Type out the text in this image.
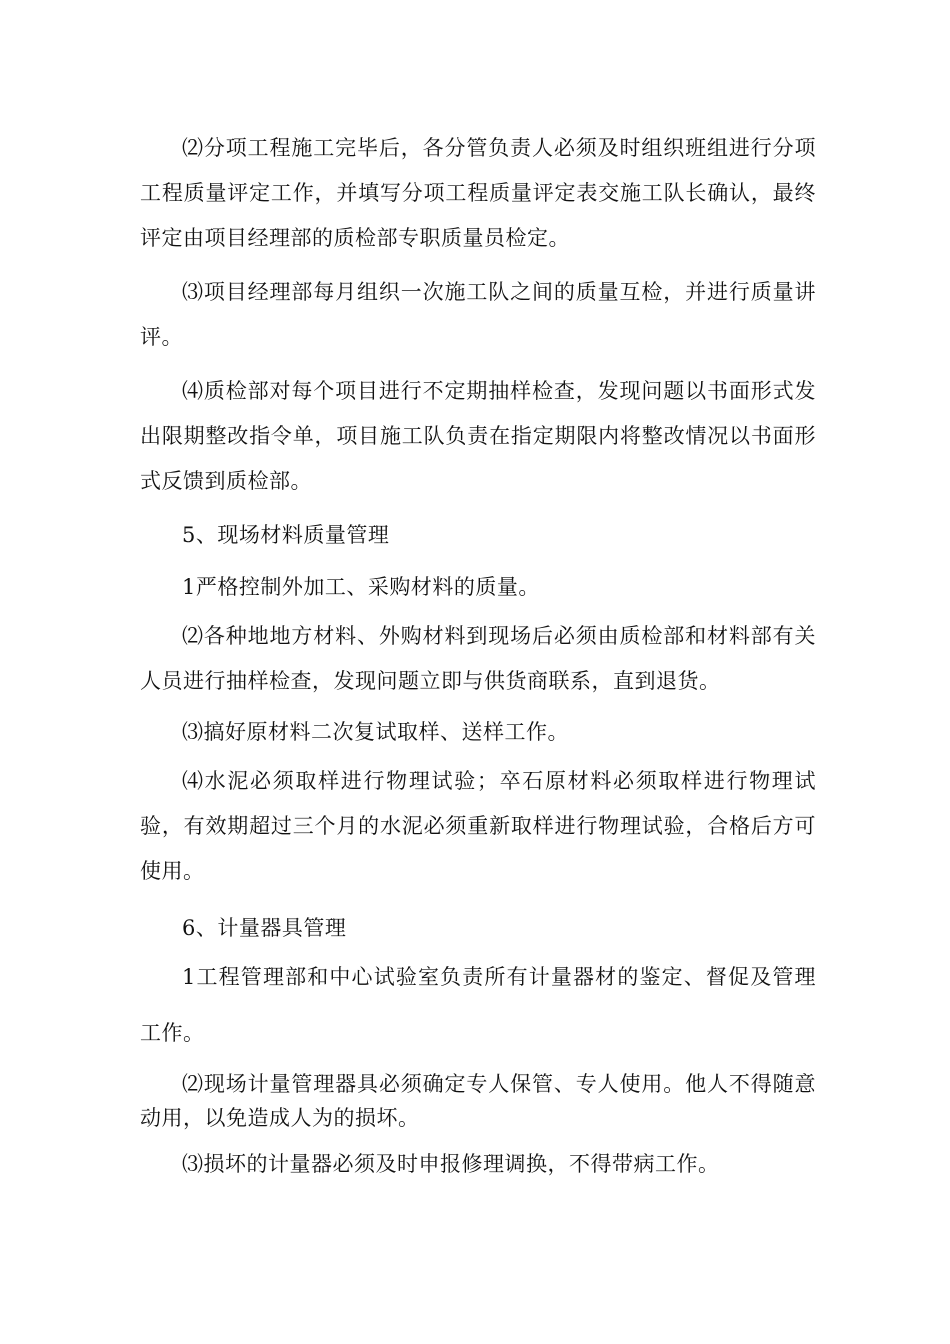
⑵分项工程施工完毕后，各分管负责人必须及时组织班组进行分项工程质量评定工作，并填写分项工程质量评定表交施工队长确认，最终评定由项目经理部的质检部专职质量员检定。

⑶项目经理部每月组织一次施工队之间的质量互检，并进行质量讲评。

⑷质检部对每个项目进行不定期抽样检查，发现问题以书面形式发出限期整改指令单，项目施工队负责在指定期限内将整改情况以书面形式反馈到质检部。

5、现场材料质量管理

1严格控制外加工、采购材料的质量。

⑵各种地地方材料、外购材料到现场后必须由质检部和材料部有关人员进行抽样检查，发现问题立即与供货商联系，直到退货。

⑶搞好原材料二次复试取样、送样工作。

⑷水泥必须取样进行物理试验；卒石原材料必须取样进行物理试验，有效期超过三个月的水泥必须重新取样进行物理试验，合格后方可使用。

6、计量器具管理

1工程管理部和中心试验室负责所有计量器材的鉴定、督促及管理工作。

⑵现场计量管理器具必须确定专人保管、专人使用。他人不得随意动用，以免造成人为的损坏。

⑶损坏的计量器必须及时申报修理调换，不得带病工作。
